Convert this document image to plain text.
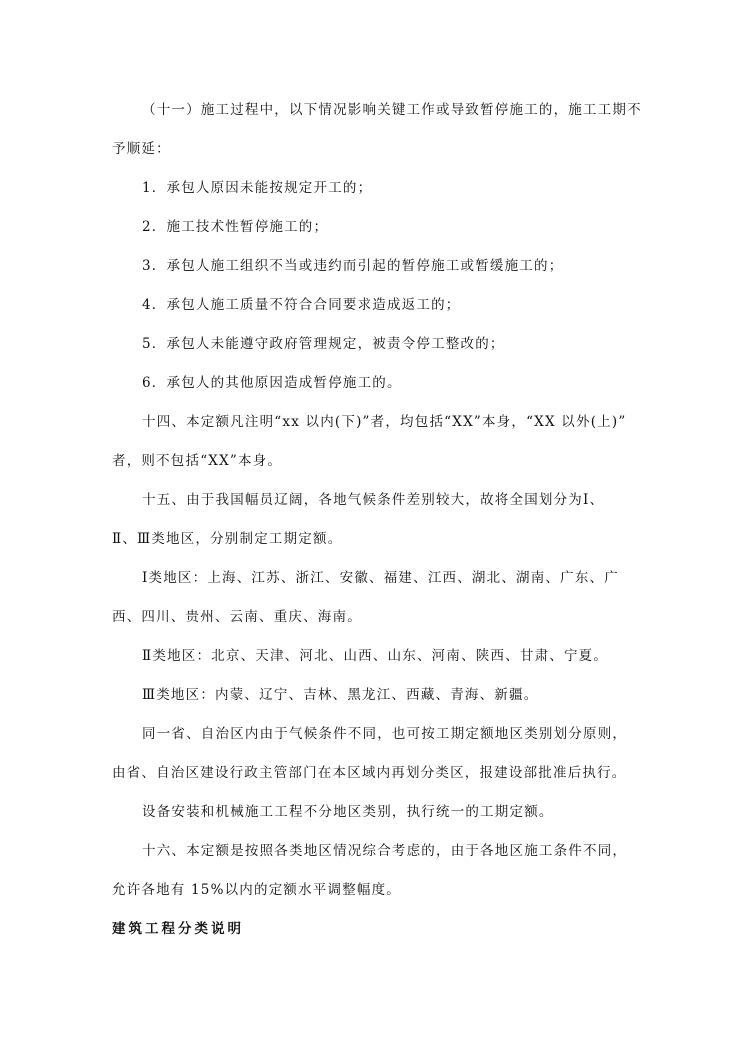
（十一）施工过程中，以下情况影响关键工作或导致暂停施工的，施工工期不
予顺延：
1．承包人原因未能按规定开工的；
2．施工技术性暂停施工的；
3．承包人施工组织不当或违约而引起的暂停施工或暂缓施工的；
4．承包人施工质量不符合合同要求造成返工的；
5．承包人未能遵守政府管理规定，被责令停工整改的；
6．承包人的其他原因造成暂停施工的。
十四、本定额凡注明“xx 以内(下)”者，均包括“XX”本身，“XX 以外(上)”
者，则不包括“XX”本身。
十五、由于我国幅员辽阔，各地气候条件差别较大，故将全国划分为Ⅰ、
Ⅱ、Ⅲ类地区，分别制定工期定额。
Ⅰ类地区：上海、江苏、浙江、安徽、福建、江西、湖北、湖南、广东、广
西、四川、贵州、云南、重庆、海南。
Ⅱ类地区：北京、天津、河北、山西、山东、河南、陕西、甘肃、宁夏。
Ⅲ类地区：内蒙、辽宁、吉林、黑龙江、西藏、青海、新疆。
同一省、自治区内由于气候条件不同，也可按工期定额地区类别划分原则，
由省、自治区建设行政主管部门在本区域内再划分类区，报建设部批准后执行。
设备安装和机械施工工程不分地区类别，执行统一的工期定额。
十六、本定额是按照各类地区情况综合考虑的，由于各地区施工条件不同，
允许各地有 15%以内的定额水平调整幅度。
建筑工程分类说明
